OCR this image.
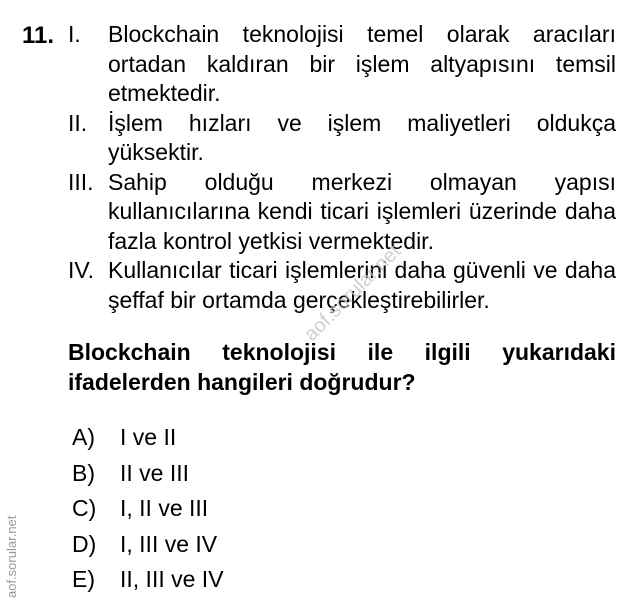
11. I.	Blockchain teknolojisi temel olarak aracıları ortadan kaldıran bir işlem altyapısını temsil etmektedir.
II. İşlem hızları ve işlem maliyetleri oldukça yüksektir.
III. Sahip olduğu merkezi olmayan yapısı kullanıcılarına kendi ticari işlemleri üzerinde daha fazla kontrol yetkisi vermektedir.
IV. Kullanıcılar ticari işlemlerini daha güvenli ve daha şeffaf bir ortamda gerçekleştirebilirler.
Blockchain teknolojisi ile ilgili yukarıdaki ifadelerden hangileri doğrudur?
A)	I ve II
B)	II ve III
C)	I, II ve III
D)	I, III ve IV
E)	II, III ve IV
aof.sorular.net
aof.sorular.net
